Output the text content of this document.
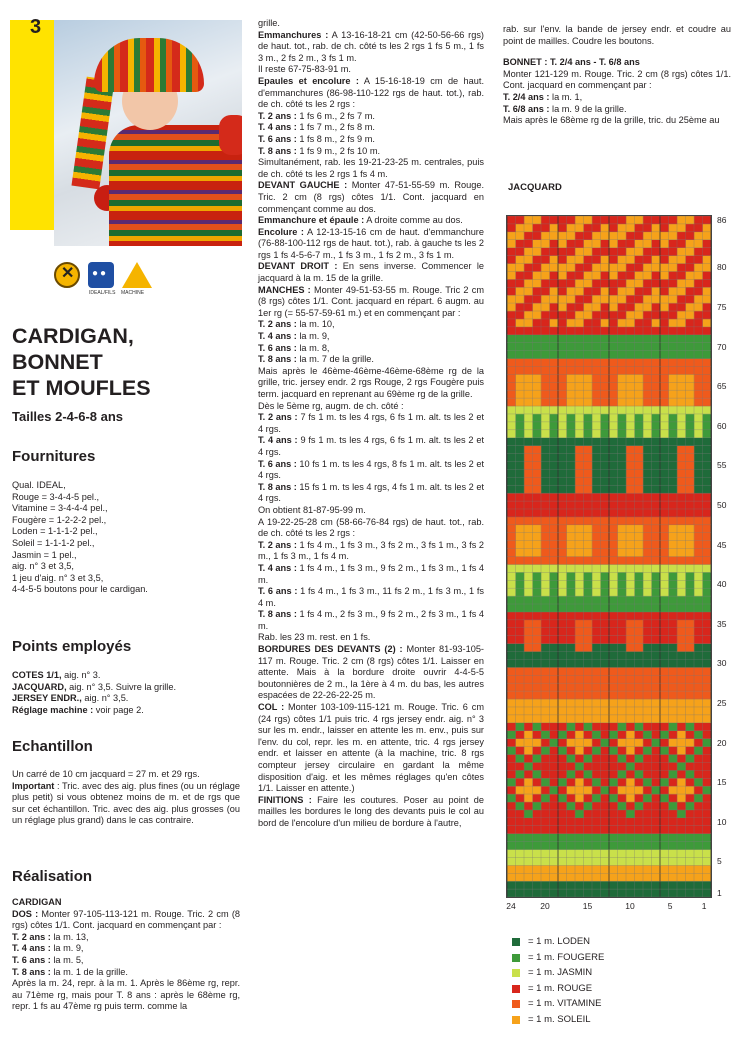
3
✕ ●●
IDEAL/FILS MACHINE
CARDIGAN,
BONNET
ET MOUFLES
Tailles 2-4-6-8 ans
Fournitures

Qual. IDEAL,

Rouge = 3-4-4-5 pel.,

Vitamine = 3-4-4-4 pel.,

Fougère = 1-2-2-2 pel.,

Loden = 1-1-1-2 pel.,

Soleil = 1-1-1-2 pel.,

Jasmin = 1 pel.,

aig. n° 3 et 3,5,

1 jeu d'aig. n° 3 et 3,5,

4-4-5-5 boutons pour le cardigan.

Points employés

COTES 1/1, aig. n° 3.

JACQUARD, aig. n° 3,5. Suivre la grille.

JERSEY ENDR., aig. n° 3,5.

Réglage machine : voir page 2.

Echantillon

Un carré de 10 cm jacquard = 27 m. et 29 rgs.

Important : Tric. avec des aig. plus fines (ou un réglage plus petit) si vous obtenez moins de m. et de rgs que sur cet échantillon. Tric. avec des aig. plus grosses (ou un réglage plus grand) dans le cas contraire.

Réalisation

CARDIGAN

DOS : Monter 97-105-113-121 m. Rouge. Tric. 2 cm (8 rgs) côtes 1/1. Cont. jacquard en commençant par :

T. 2 ans : la m. 13,

T. 4 ans : la m. 9,

T. 6 ans : la m. 5,

T. 8 ans : la m. 1 de la grille.

Après la m. 24, repr. à la m. 1. Après le 86ème rg, repr. au 71ème rg, mais pour T. 8 ans : après le 68ème rg, repr. 1 fs au 47ème rg puis term. comme la

grille.

Emmanchures : A 13-16-18-21 cm (42-50-56-66 rgs) de haut. tot., rab. de ch. côté ts les 2 rgs 1 fs 5 m., 1 fs 3 m., 2 fs 2 m., 3 fs 1 m.

Il reste 67-75-83-91 m.

Epaules et encolure : A 15-16-18-19 cm de haut. d'emmanchures (86-98-110-122 rgs de haut. tot.), rab. de ch. côté ts les 2 rgs :

T. 2 ans : 1 fs 6 m., 2 fs 7 m.

T. 4 ans : 1 fs 7 m., 2 fs 8 m.

T. 6 ans : 1 fs 8 m., 2 fs 9 m.

T. 8 ans : 1 fs 9 m., 2 fs 10 m.

Simultanément, rab. les 19-21-23-25 m. centrales, puis de ch. côté ts les 2 rgs 1 fs 4 m.

DEVANT GAUCHE : Monter 47-51-55-59 m. Rouge. Tric. 2 cm (8 rgs) côtes 1/1. Cont. jacquard en commençant comme au dos.

Emmanchure et épaule : A droite comme au dos.

Encolure : A 12-13-15-16 cm de haut. d'emmanchure (76-88-100-112 rgs de haut. tot.), rab. à gauche ts les 2 rgs 1 fs 4-5-6-7 m., 1 fs 3 m., 1 fs 2 m., 3 fs 1 m.

DEVANT DROIT : En sens inverse. Commencer le jacquard à la m. 15 de la grille.

MANCHES : Monter 49-51-53-55 m. Rouge. Tric 2 cm (8 rgs) côtes 1/1. Cont. jacquard en répart. 6 augm. au 1er rg (= 55-57-59-61 m.) et en commençant par :

T. 2 ans : la m. 10,

T. 4 ans : la m. 9,

T. 6 ans : la m. 8,

T. 8 ans : la m. 7 de la grille.

Mais après le 46ème-46ème-46ème-68ème rg de la grille, tric. jersey endr. 2 rgs Rouge, 2 rgs Fougère puis term. jacquard en reprenant au 69ème rg de la grille.

Dès le 5ème rg, augm. de ch. côté :

T. 2 ans : 7 fs 1 m. ts les 4 rgs, 6 fs 1 m. alt. ts les 2 et 4 rgs.

T. 4 ans : 9 fs 1 m. ts les 4 rgs, 6 fs 1 m. alt. ts les 2 et 4 rgs.

T. 6 ans : 10 fs 1 m. ts les 4 rgs, 8 fs 1 m. alt. ts les 2 et 4 rgs.

T. 8 ans : 15 fs 1 m. ts les 4 rgs, 4 fs 1 m. alt. ts les 2 et 4 rgs.

On obtient 81-87-95-99 m.

A 19-22-25-28 cm (58-66-76-84 rgs) de haut. tot., rab. de ch. côté ts les 2 rgs :

T. 2 ans : 1 fs 4 m., 1 fs 3 m., 3 fs 2 m., 3 fs 1 m., 3 fs 2 m., 1 fs 3 m., 1 fs 4 m.

T. 4 ans : 1 fs 4 m., 1 fs 3 m., 9 fs 2 m., 1 fs 3 m., 1 fs 4 m.

T. 6 ans : 1 fs 4 m., 1 fs 3 m., 11 fs 2 m., 1 fs 3 m., 1 fs 4 m.

T. 8 ans : 1 fs 4 m., 2 fs 3 m., 9 fs 2 m., 2 fs 3 m., 1 fs 4 m.

Rab. les 23 m. rest. en 1 fs.

BORDURES DES DEVANTS (2) : Monter 81-93-105-117 m. Rouge. Tric. 2 cm (8 rgs) côtes 1/1. Laisser en attente. Mais à la bordure droite ouvrir 4-4-5-5 boutonnières de 2 m., la 1ère à 4 m. du bas, les autres espacées de 22-26-22-25 m.

COL : Monter 103-109-115-121 m. Rouge. Tric. 6 cm (24 rgs) côtes 1/1 puis tric. 4 rgs jersey endr. aig. n° 3 sur les m. endr., laisser en attente les m. env., puis sur l'env. du col, repr. les m. en attente, tric. 4 rgs jersey endr. et laisser en attente (à la machine, tric. 8 rgs compteur jersey circulaire en gardant la même disposition d'aig. et les mêmes réglages qu'en côtes 1/1. Laisser en attente.)

FINITIONS : Faire les coutures. Poser au point de mailles les bordures le long des devants puis le col au bord de l'encolure d'un milieu de bordure à l'autre,

rab. sur l'env. la bande de jersey endr. et coudre au point de mailles. Coudre les boutons.

BONNET : T. 2/4 ans - T. 6/8 ans

Monter 121-129 m. Rouge. Tric. 2 cm (8 rgs) côtes 1/1. Cont. jacquard en commençant par :

T. 2/4 ans : la m. 1,

T. 6/8 ans : la m. 9 de la grille.

Mais après le 68ème rg de la grille, tric. du 25ème au

JACQUARD
86
80
75
70
65
60
55
50
45
40
35
30
25
20
15
10
5
1
24	20	15	10	5	1
= 1 m. LODEN
= 1 m. FOUGERE
= 1 m. JASMIN
= 1 m. ROUGE
= 1 m. VITAMINE
= 1 m. SOLEIL
